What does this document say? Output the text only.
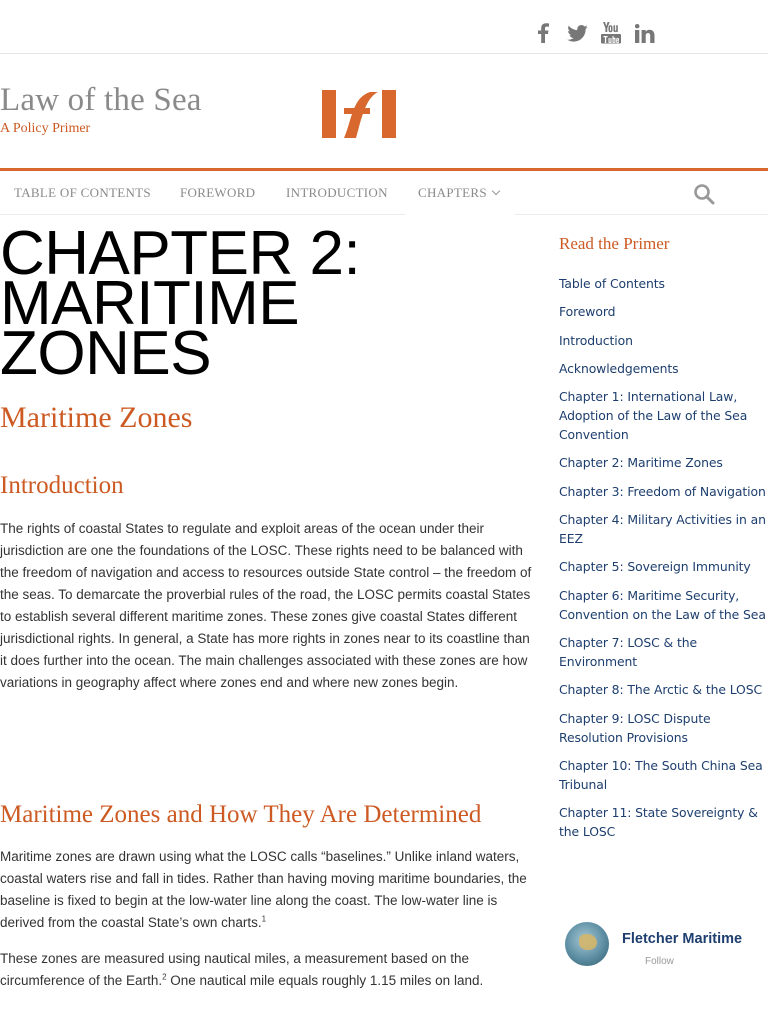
Law of the Sea
A Policy Primer
TABLE OF CONTENTS FOREWORD INTRODUCTION CHAPTERS
CHAPTER 2: MARITIME ZONES
Maritime Zones
Introduction

The rights of coastal States to regulate and exploit areas of the ocean under their jurisdiction are one the foundations of the LOSC. These rights need to be balanced with the freedom of navigation and access to resources outside State control – the freedom of the seas. To demarcate the proverbial rules of the road, the LOSC permits coastal States to establish several different maritime zones. These zones give coastal States different jurisdictional rights. In general, a State has more rights in zones near to its coastline than it does further into the ocean. The main challenges associated with these zones are how variations in geography affect where zones end and where new zones begin.

Maritime Zones and How They Are Determined

Maritime zones are drawn using what the LOSC calls “baselines.” Unlike inland waters, coastal waters rise and fall in tides. Rather than having moving maritime boundaries, the baseline is fixed to begin at the low-water line along the coast. The low-water line is derived from the coastal State’s own charts.$^1$

These zones are measured using nautical miles, a measurement based on the circumference of the Earth.$^2$ One nautical mile equals roughly 1.15 miles on land.

Read the Primer
Table of Contents
Foreword
Introduction
Acknowledgements
Chapter 1: International Law, Adoption of the Law of the Sea Convention
Chapter 2: Maritime Zones
Chapter 3: Freedom of Navigation
Chapter 4: Military Activities in an EEZ
Chapter 5: Sovereign Immunity
Chapter 6: Maritime Security, Convention on the Law of the Sea
Chapter 7: LOSC & the Environment
Chapter 8: The Arctic & the LOSC
Chapter 9: LOSC Dispute Resolution Provisions
Chapter 10: The South China Sea Tribunal
Chapter 11: State Sovereignty & the LOSC
Fletcher Maritime
Follow
